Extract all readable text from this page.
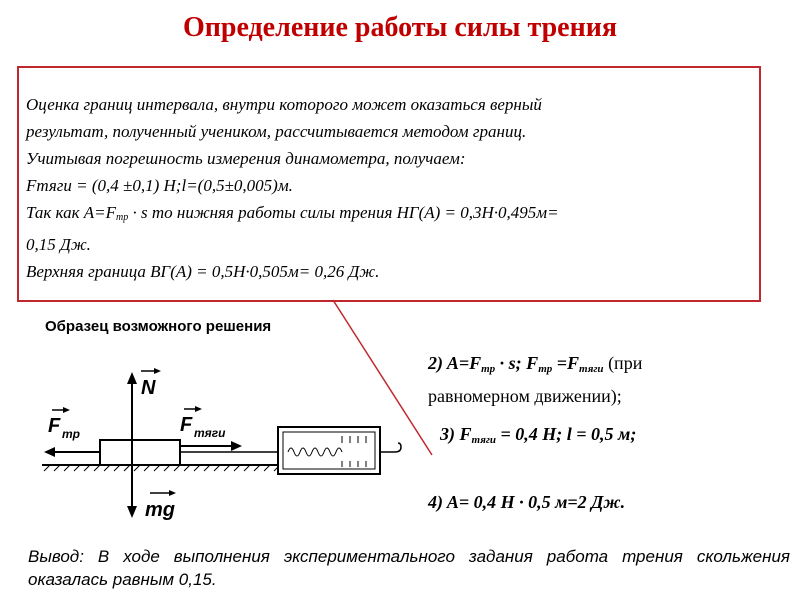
Определение работы силы трения
Оценка границ интервала, внутри которого может оказаться верный
результат, полученный учеником, рассчитывается методом границ.
Учитывая погрешность измерения динамометра, получаем:
Fтяги = (0,4 ±0,1) Н;l=(0,5±0,005)м.
Так как $A=F_{тр} \cdot s$ то нижняя работы силы трения НГ(А) = 0,3Н·0,495м=
0,15 Дж.
Верхняя граница ВГ(А) = 0,5Н·0,505м= 0,26 Дж.
Образец возможного решения
N
F тр	F тяги
mg
2) $A=F_{тр} \cdot s$; $F_{тр} =F_{тяги}$ (при
равномерном движении);
3) $F_{тяги} = 0,4$ Н; l = 0,5 м;
4) A= 0,4 Н · 0,5 м=2 Дж.
Вывод: В ходе выполнения экспериментального задания работа трения скольжения оказалась равным 0,15.
